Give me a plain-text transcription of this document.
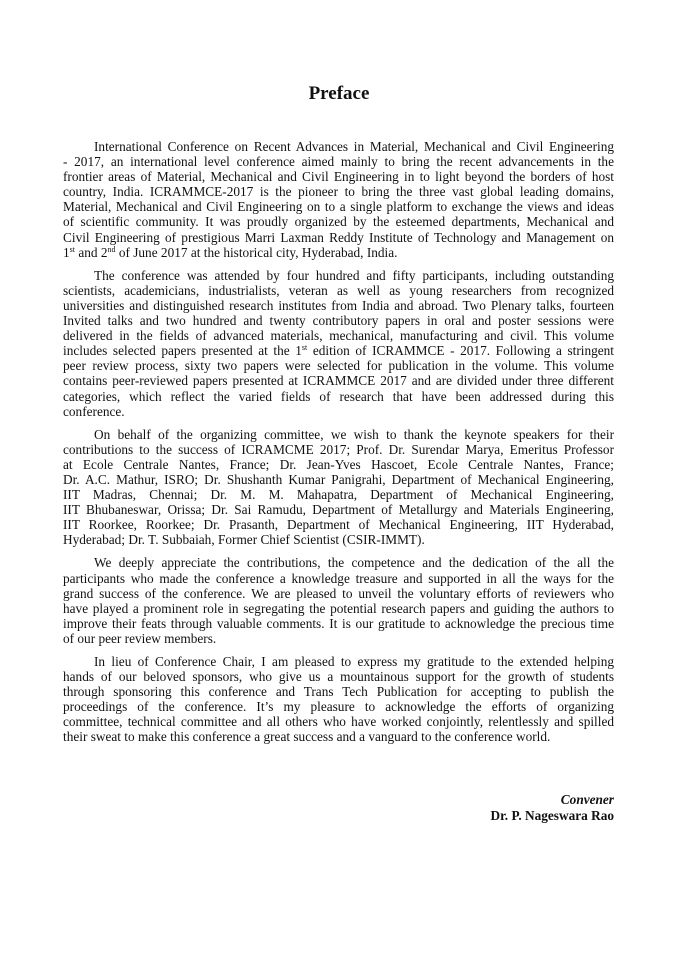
Preface
International Conference on Recent Advances in Material, Mechanical and Civil Engineering
- 2017, an international level conference aimed mainly to bring the recent advancements in the
frontier areas of Material, Mechanical and Civil Engineering in to light beyond the borders of host
country, India. ICRAMMCE-2017 is the pioneer to bring the three vast global leading domains,
Material, Mechanical and Civil Engineering on to a single platform to exchange the views and ideas
of scientific community. It was proudly organized by the esteemed departments, Mechanical and
Civil Engineering of prestigious Marri Laxman Reddy Institute of Technology and Management on
1st and 2nd of June 2017 at the historical city, Hyderabad, India.
The conference was attended by four hundred and fifty participants, including outstanding
scientists, academicians, industrialists, veteran as well as young researchers from recognized
universities and distinguished research institutes from India and abroad. Two Plenary talks, fourteen
Invited talks and two hundred and twenty contributory papers in oral and poster sessions were
delivered in the fields of advanced materials, mechanical, manufacturing and civil. This volume
includes selected papers presented at the 1st edition of ICRAMMCE - 2017. Following a stringent
peer review process, sixty two papers were selected for publication in the volume. This volume
contains peer-reviewed papers presented at ICRAMMCE 2017 and are divided under three different
categories, which reflect the varied fields of research that have been addressed during this
conference.
On behalf of the organizing committee, we wish to thank the keynote speakers for their
contributions to the success of ICRAMCME 2017; Prof. Dr. Surendar Marya, Emeritus Professor
at Ecole Centrale Nantes, France; Dr. Jean-Yves Hascoet, Ecole Centrale Nantes, France;
Dr. A.C. Mathur, ISRO; Dr. Shushanth Kumar Panigrahi, Department of Mechanical Engineering,
IIT Madras, Chennai; Dr. M. M. Mahapatra, Department of Mechanical Engineering,
IIT Bhubaneswar, Orissa; Dr. Sai Ramudu, Department of Metallurgy and Materials Engineering,
IIT Roorkee, Roorkee; Dr. Prasanth, Department of Mechanical Engineering, IIT Hyderabad,
Hyderabad; Dr. T. Subbaiah, Former Chief Scientist (CSIR-IMMT).
We deeply appreciate the contributions, the competence and the dedication of the all the
participants who made the conference a knowledge treasure and supported in all the ways for the
grand success of the conference. We are pleased to unveil the voluntary efforts of reviewers who
have played a prominent role in segregating the potential research papers and guiding the authors to
improve their feats through valuable comments. It is our gratitude to acknowledge the precious time
of our peer review members.
In lieu of Conference Chair, I am pleased to express my gratitude to the extended helping
hands of our beloved sponsors, who give us a mountainous support for the growth of students
through sponsoring this conference and Trans Tech Publication for accepting to publish the
proceedings of the conference. It’s my pleasure to acknowledge the efforts of organizing
committee, technical committee and all others who have worked conjointly, relentlessly and spilled
their sweat to make this conference a great success and a vanguard to the conference world.
Convener
Dr. P. Nageswara Rao
